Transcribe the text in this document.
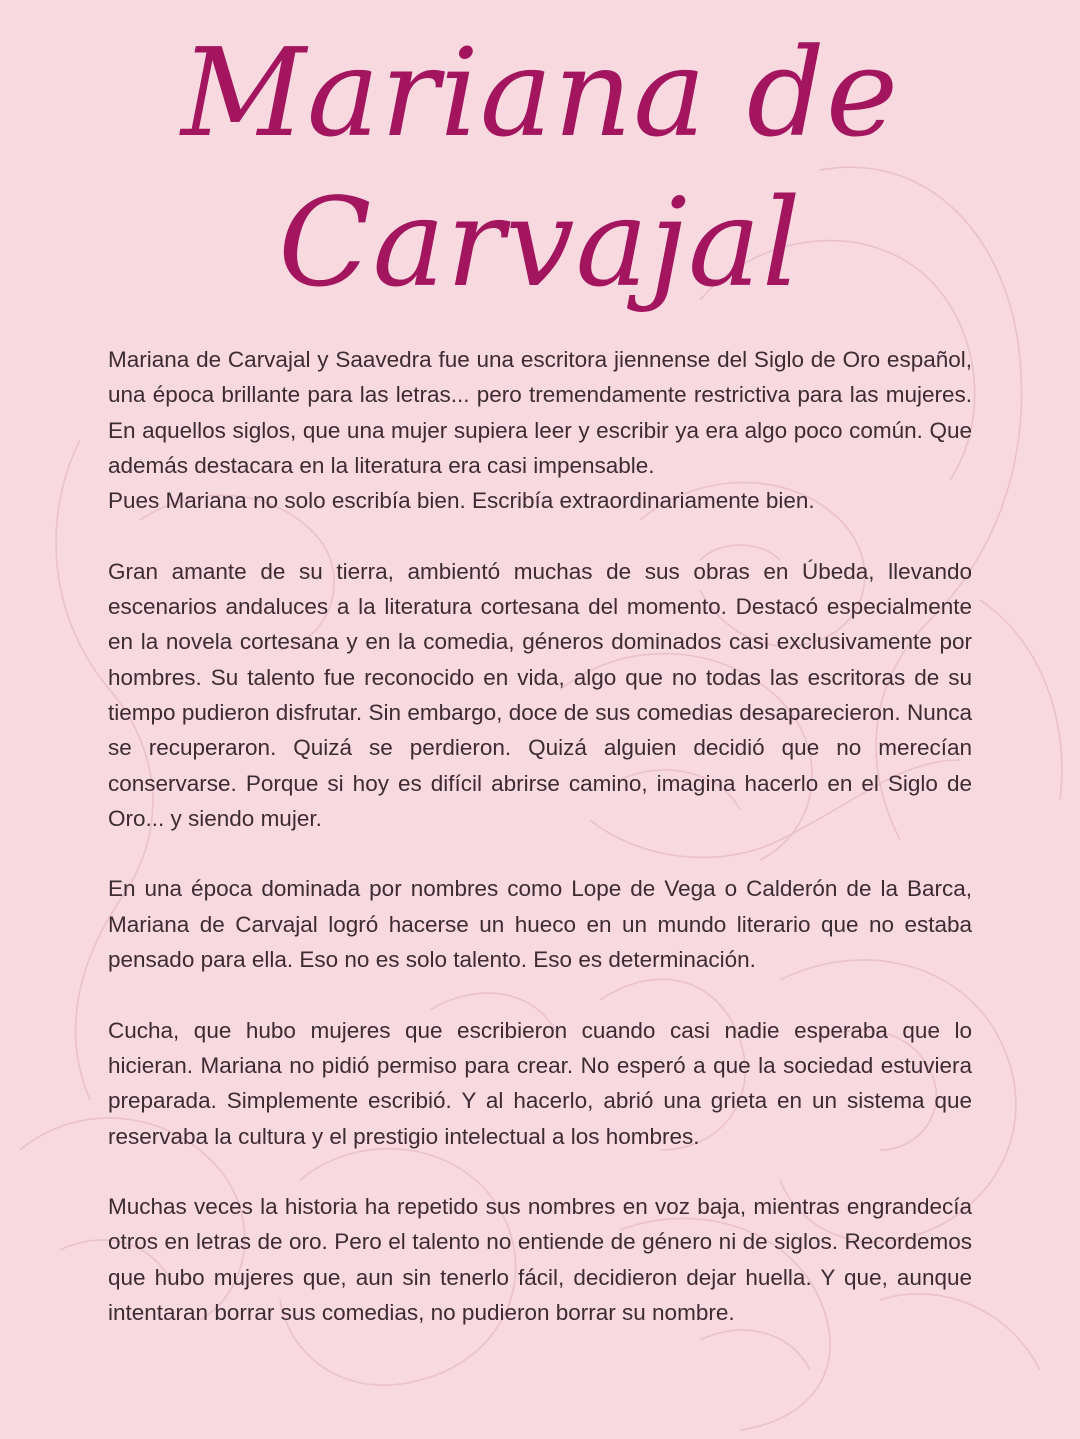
Mariana de
Carvajal

Mariana de Carvajal y Saavedra fue una escritora jiennense del Siglo de Oro español, una época brillante para las letras... pero tremendamente restrictiva para las mujeres. En aquellos siglos, que una mujer supiera leer y escribir ya era algo poco común. Que además destacara en la literatura era casi impensable.

Pues Mariana no solo escribía bien. Escribía extraordinariamente bien.

Gran amante de su tierra, ambientó muchas de sus obras en Úbeda, llevando escenarios andaluces a la literatura cortesana del momento. Destacó especialmente en la novela cortesana y en la comedia, géneros dominados casi exclusivamente por hombres. Su talento fue reconocido en vida, algo que no todas las escritoras de su tiempo pudieron disfrutar. Sin embargo, doce de sus comedias desaparecieron. Nunca se recuperaron. Quizá se perdieron. Quizá alguien decidió que no merecían conservarse. Porque si hoy es difícil abrirse camino, imagina hacerlo en el Siglo de Oro... y siendo mujer.

En una época dominada por nombres como Lope de Vega o Calderón de la Barca, Mariana de Carvajal logró hacerse un hueco en un mundo literario que no estaba pensado para ella. Eso no es solo talento. Eso es determinación.

Cucha, que hubo mujeres que escribieron cuando casi nadie esperaba que lo hicieran. Mariana no pidió permiso para crear. No esperó a que la sociedad estuviera preparada. Simplemente escribió. Y al hacerlo, abrió una grieta en un sistema que reservaba la cultura y el prestigio intelectual a los hombres.

Muchas veces la historia ha repetido sus nombres en voz baja, mientras engrandecía otros en letras de oro. Pero el talento no entiende de género ni de siglos. Recordemos que hubo mujeres que, aun sin tenerlo fácil, decidieron dejar huella. Y que, aunque intentaran borrar sus comedias, no pudieron borrar su nombre.
